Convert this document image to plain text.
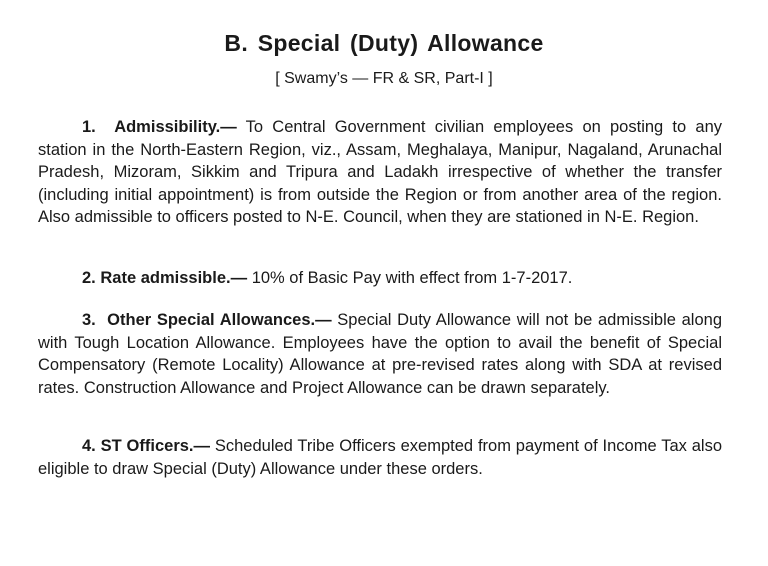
B. Special (Duty) Allowance
[ Swamy’s — FR & SR, Part-I ]

1. Admissibility.— To Central Government civilian employees on posting to any station in the North-Eastern Region, viz., Assam, Meghalaya, Manipur, Nagaland, Arunachal Pradesh, Mizoram, Sikkim and Tripura and Ladakh irrespective of whether the transfer (including initial appointment) is from outside the Region or from another area of the region. Also admissible to officers posted to N-E. Council, when they are stationed in N-E. Region.

2. Rate admissible.— 10% of Basic Pay with effect from 1-7-2017.

3. Other Special Allowances.— Special Duty Allowance will not be admissible along with Tough Location Allowance. Employees have the option to avail the benefit of Special Compensatory (Remote Locality) Allowance at pre-revised rates along with SDA at revised rates. Construction Allowance and Project Allowance can be drawn separately.

4. ST Officers.— Scheduled Tribe Officers exempted from payment of Income Tax also eligible to draw Special (Duty) Allowance under these orders.
